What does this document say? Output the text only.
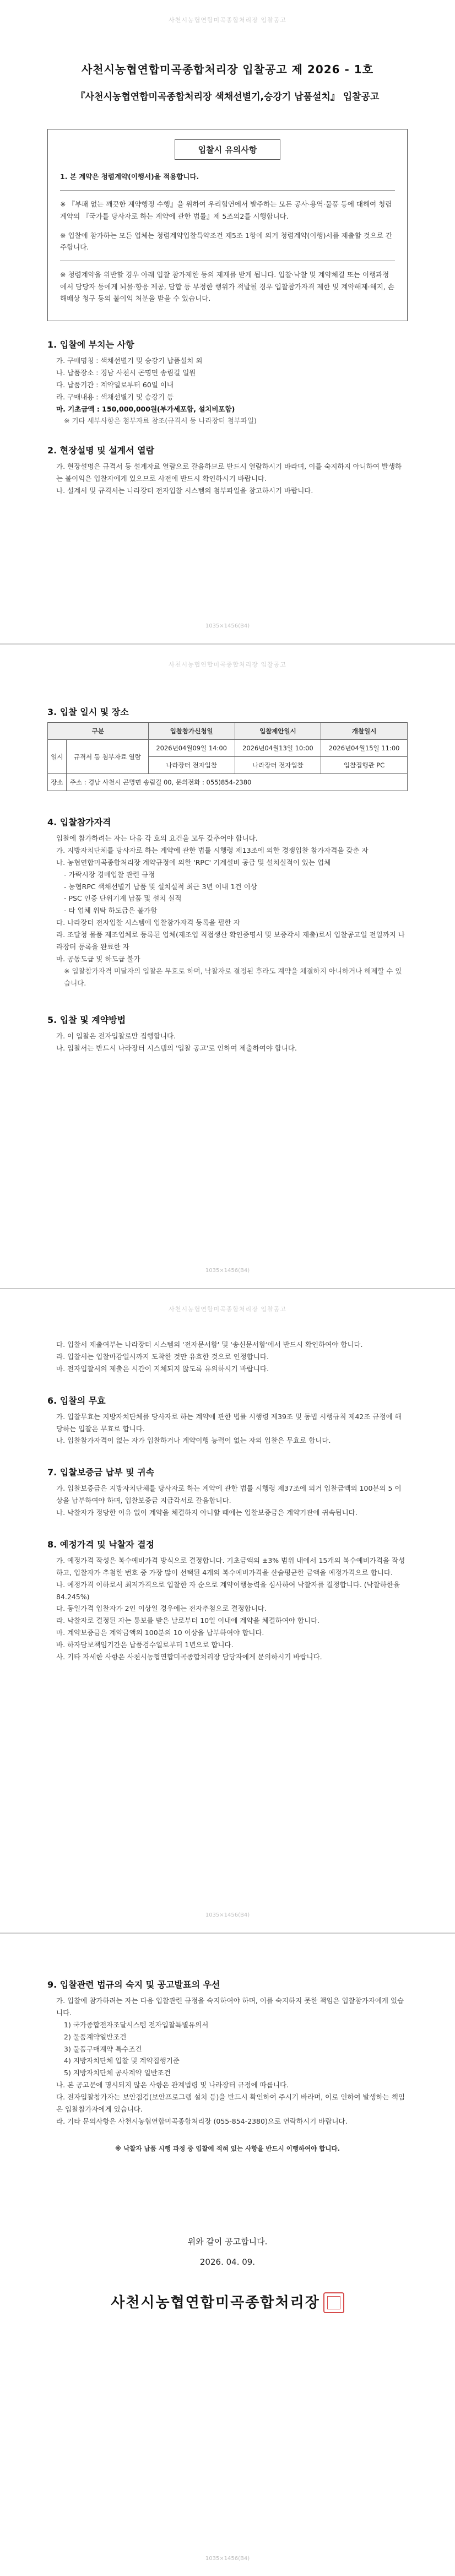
사천시농협연합미곡종합처리장 입찰공고
사천시농협연합미곡종합처리장 입찰공고 제 2026 - 1호
『사천시농협연합미곡종합처리장 색채선별기,승강기 납품설치』 입찰공고
입찰시 유의사항

1. 본 계약은 청렴계약(이행서)을 적용합니다.

※ 『부패 없는 깨끗한 계약행정 수행』을 위하여 우리협연에서 발주하는 모든 공사·용역·물품 등에 대해여 청렴계약의 『국가를 당사자로 하는 계약에 관한 법률』제 5조의2를 시행합니다.

※ 입찰에 참가하는 모든 업체는 청렴계약입찰특약조건 제5조 1항에 의거 청렴계약(이행)서를 제출할 것으로 간주합니다.

※ 청렴계약을 위반할 경우 아래 입찰 참가제한 등의 제재를 받게 됩니다. 입찰·낙찰 및 계약체결 또는 이행과정에서 담당자 등에게 뇌물·향응 제공, 담합 등 부정한 행위가 적발될 경우 입찰참가자격 제한 및 계약해제·해지, 손해배상 청구 등의 불이익 처분을 받을 수 있습니다.

1. 입찰에 부치는 사항
가. 구매명칭 : 색채선별기 및 승강기 납품설치 외
나. 납품장소 : 경남 사천시 곤명면 송림길 일원
다. 납품기간 : 계약일로부터 60일 이내
라. 구매내용 : 색채선별기 및 승강기 등
마. 기초금액 : 150,000,000원(부가세포함, 설치비포함)
※ 기타 세부사항은 첨부자료 참조(규격서 등 나라장터 첨부파일)
2. 현장설명 및 설계서 열람
가. 현장설명은 규격서 등 설계자료 열람으로 갈음하므로 반드시 열람하시기 바라며, 이를 숙지하지 아니하여 발생하는 불이익은 입찰자에게 있으므로 사전에 반드시 확인하시기 바랍니다.
나. 설계서 및 규격서는 나라장터 전자입찰 시스템의 첨부파일을 참고하시기 바랍니다.
1035×1456(B4)
사천시농협연합미곡종합처리장 입찰공고
3. 입찰 일시 및 장소
구분		입찰참가신청일	입찰제안일시	개찰일시
일시	규격서 등 첨부자료 열람	2026년04월09일 14:00	2026년04월13일 10:00	2026년04월15일 11:00
		나라장터 전자입찰	나라장터 전자입찰	입찰집행관 PC
장소	주소 : 경남 사천시 곤명면 송림길 00, 문의전화 : 055)854-2380			
4. 입찰참가자격
입찰에 참가하려는 자는 다음 각 호의 요건을 모두 갖추어야 합니다.
가. 지방자치단체를 당사자로 하는 계약에 관한 법률 시행령 제13조에 의한 경쟁입찰 참가자격을 갖춘 자
나. 농협연합미곡종합처리장 계약규정에 의한 'RPC' 기계설비 공급 및 설치실적이 있는 업체
- 가락시장 경매입찰 관련 규정
- 농협RPC 색채선별기 납품 및 설치실적 최근 3년 이내 1건 이상
- PSC 인증 단위기계 납품 및 설치 실적
- 타 업체 위탁 하도급은 불가함
다. 나라장터 전자입찰 시스템에 입찰참가자격 등록을 필한 자
라. 조달청 물품 제조업체로 등록된 업체(제조업 직접생산 확인증명서 및 보증각서 제출)로서 입찰공고일 전일까지 나라장터 등록을 완료한 자
마. 공동도급 및 하도급 불가
※ 입찰참가자격 미달자의 입찰은 무효로 하며, 낙찰자로 결정된 후라도 계약을 체결하지 아니하거나 해제할 수 있습니다.
5. 입찰 및 계약방법
가. 이 입찰은 전자입찰로만 집행합니다.
나. 입찰서는 반드시 나라장터 시스템의 '입찰 공고'로 인하여 제출하여야 합니다.
1035×1456(B4)
사천시농협연합미곡종합처리장 입찰공고
다. 입찰서 제출여부는 나라장터 시스템의 '전자문서함' 및 '송신문서함'에서 반드시 확인하여야 합니다.
라. 입찰서는 입찰마감일시까지 도착한 것만 유효한 것으로 인정합니다.
마. 전자입찰서의 제출은 시간이 지체되지 않도록 유의하시기 바랍니다.
6. 입찰의 무효
가. 입찰무효는 지방자치단체를 당사자로 하는 계약에 관한 법률 시행령 제39조 및 동법 시행규칙 제42조 규정에 해당하는 입찰은 무효로 합니다.
나. 입찰참가자격이 없는 자가 입찰하거나 계약이행 능력이 없는 자의 입찰은 무효로 합니다.
7. 입찰보증금 납부 및 귀속
가. 입찰보증금은 지방자치단체를 당사자로 하는 계약에 관한 법률 시행령 제37조에 의거 입찰금액의 100분의 5 이상을 납부하여야 하며, 입찰보증금 지급각서로 갈음합니다.
나. 낙찰자가 정당한 이유 없이 계약을 체결하지 아니할 때에는 입찰보증금은 계약기관에 귀속됩니다.
8. 예정가격 및 낙찰자 결정
가. 예정가격 작성은 복수예비가격 방식으로 결정합니다. 기초금액의 ±3% 범위 내에서 15개의 복수예비가격을 작성하고, 입찰자가 추첨한 번호 중 가장 많이 선택된 4개의 복수예비가격을 산술평균한 금액을 예정가격으로 합니다.
나. 예정가격 이하로서 최저가격으로 입찰한 자 순으로 계약이행능력을 심사하여 낙찰자를 결정합니다. (낙찰하한율 84.245%)
다. 동일가격 입찰자가 2인 이상일 경우에는 전자추첨으로 결정합니다.
라. 낙찰자로 결정된 자는 통보를 받은 날로부터 10일 이내에 계약을 체결하여야 합니다.
마. 계약보증금은 계약금액의 100분의 10 이상을 납부하여야 합니다.
바. 하자담보책임기간은 납품검수일로부터 1년으로 합니다.
사. 기타 자세한 사항은 사천시농협연합미곡종합처리장 담당자에게 문의하시기 바랍니다.
1035×1456(B4)
9. 입찰관련 법규의 숙지 및 공고발표의 우선
가. 입찰에 참가하려는 자는 다음 입찰관련 규정을 숙지하여야 하며, 이를 숙지하지 못한 책임은 입찰참가자에게 있습니다.
1) 국가종합전자조달시스템 전자입찰특별유의서
2) 물품계약일반조건
3) 물품구매계약 특수조건
4) 지방자치단체 입찰 및 계약집행기준
5) 지방자치단체 공사계약 일반조건
나. 본 공고문에 명시되지 않은 사항은 관계법령 및 나라장터 규정에 따릅니다.
다. 전자입찰참가자는 보안점검(보안프로그램 설치 등)을 반드시 확인하여 주시기 바라며, 이로 인하여 발생하는 책임은 입찰참가자에게 있습니다.
라. 기타 문의사항은 사천시농협연합미곡종합처리장 (055-854-2380)으로 연락하시기 바랍니다.
※ 낙찰자 납품 시행 과정 중 입찰에 적혀 있는 사항을 반드시 이행하여야 합니다.
위와 같이 공고합니다.
2026. 04. 09.
사천시농협연합미곡종합처리장
1035×1456(B4)
